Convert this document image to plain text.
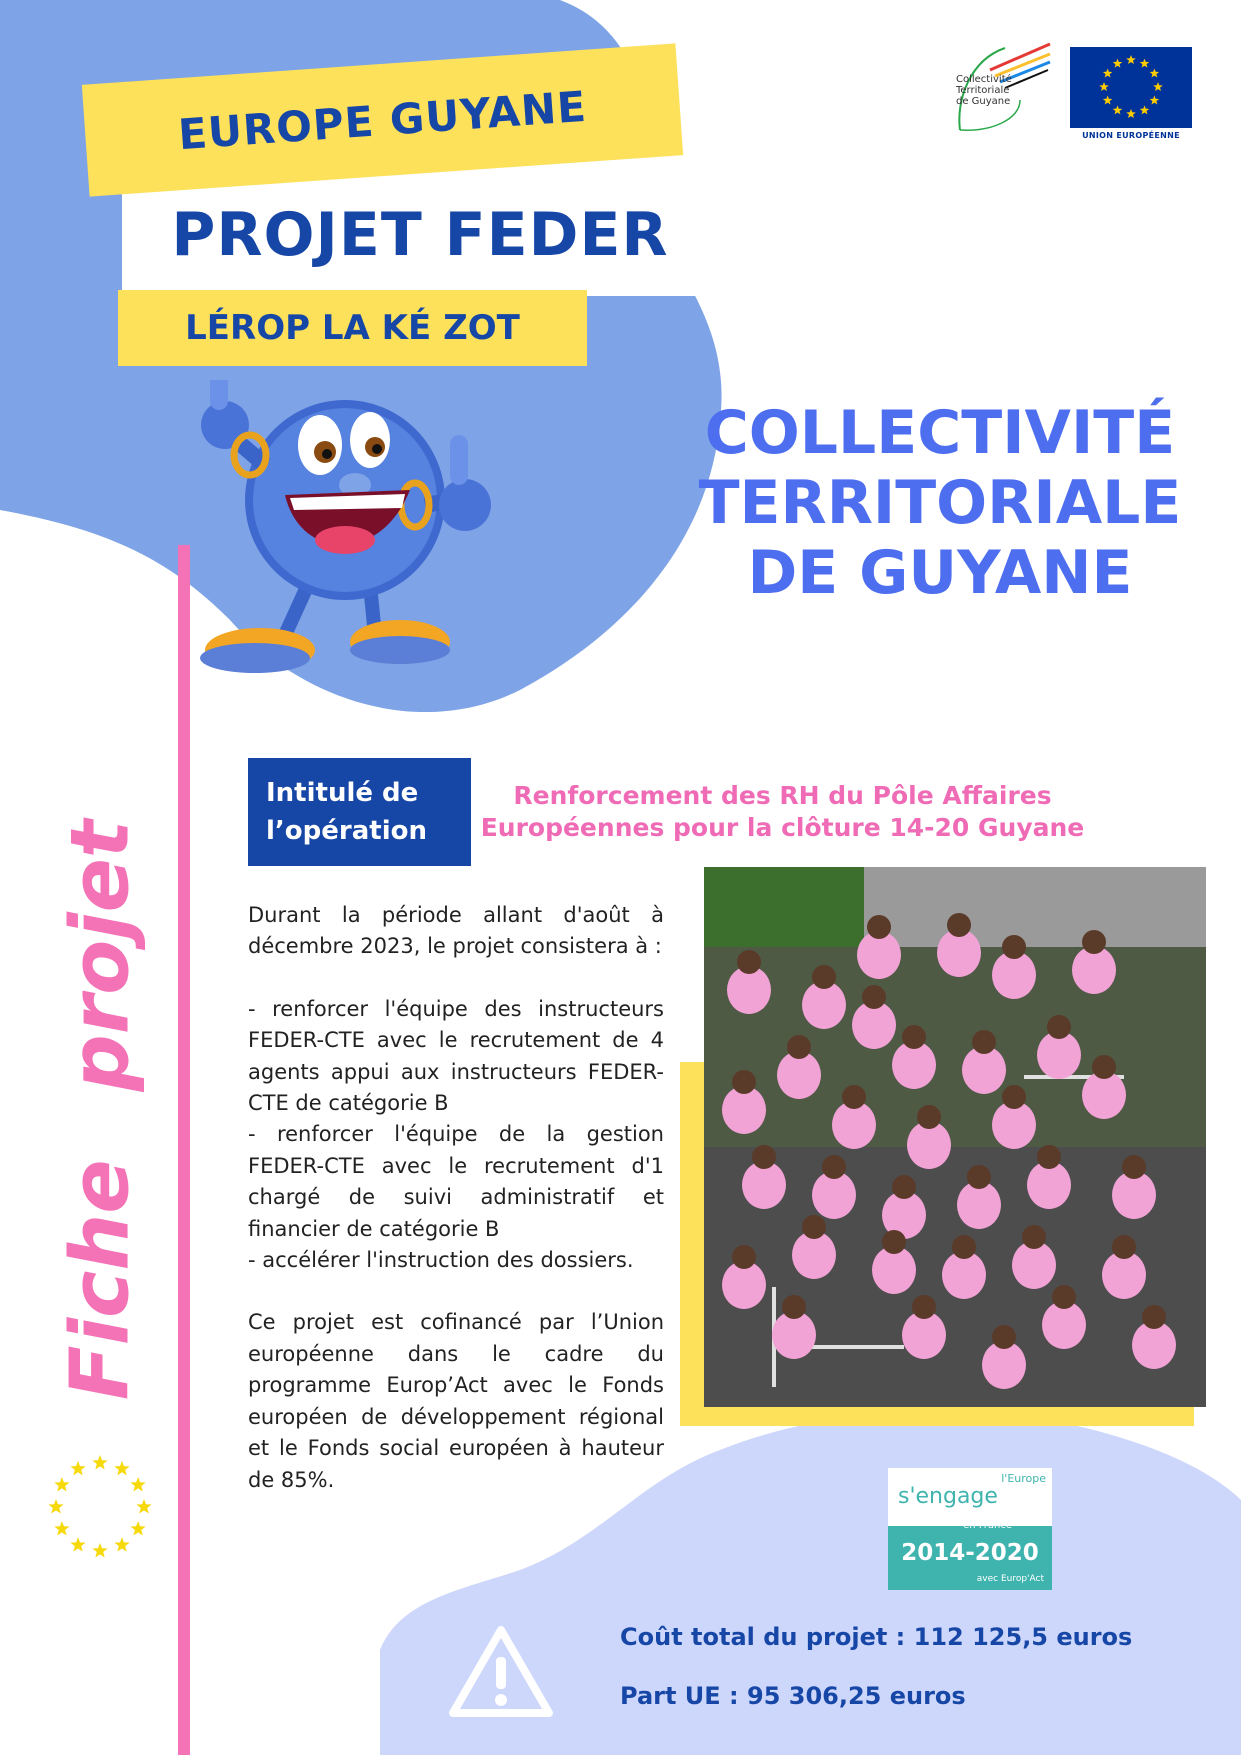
EUROPE GUYANE
PROJET FEDER
LÉROP LA KÉ ZOT
Collectivité
Territoriale
de Guyane
UNION EUROPÉENNE
COLLECTIVITÉ
TERRITORIALE
DE GUYANE
Fiche projet
Intitulé de
l’opération
Renforcement des RH du Pôle Affaires
Européennes pour la clôture 14-20 Guyane

Durant la période allant d'août à décembre 2023, le projet consistera à :

- renforcer l'équipe des instructeurs FEDER-CTE avec le recrutement de 4 agents appui aux instructeurs FEDER-CTE de catégorie B

- renforcer l'équipe de la gestion FEDER-CTE avec le recrutement d'1 chargé de suivi administratif et financier de catégorie B

- accélérer l'instruction des dossiers.

Ce projet est cofinancé par l’Union européenne dans le cadre du programme Europ’Act avec le Fonds européen de développement régional et le Fonds social européen à hauteur de 85%.	l'Europe
s'engage
en France
2014-2020
avec Europ'Act
Coût total du projet : 112 125,5 euros
Part UE : 95 306,25 euros
